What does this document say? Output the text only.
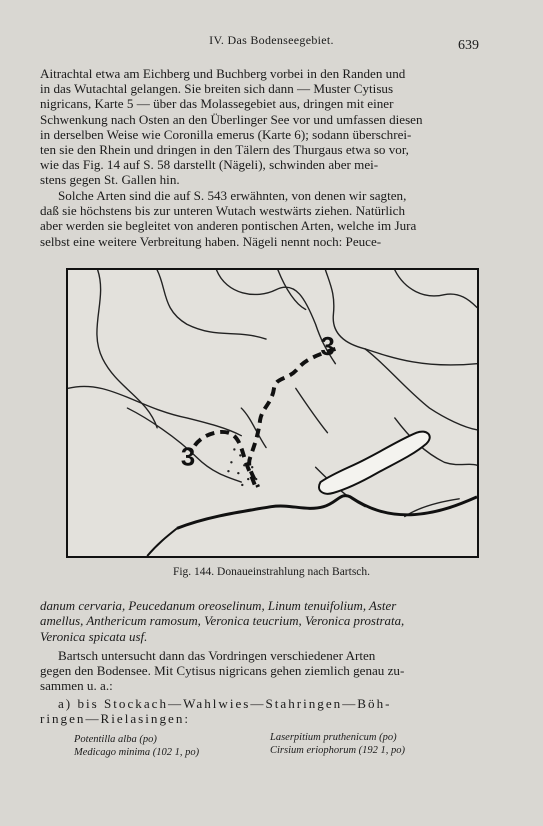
IV. Das Bodenseegebiet.	639

Aitrachtal etwa am Eichberg und Buchberg vorbei in den Randen und
in das Wutachtal gelangen. Sie breiten sich dann — Muster Cytisus
nigricans, Karte 5 — über das Molassegebiet aus, dringen mit einer
Schwenkung nach Osten an den Überlinger See vor und umfassen diesen
in derselben Weise wie Coronilla emerus (Karte 6); sodann überschrei-
ten sie den Rhein und dringen in den Tälern des Thurgaus etwa so vor,
wie das Fig. 14 auf S. 58 darstellt (Nägeli), schwinden aber mei-
stens gegen St. Gallen hin.

Solche Arten sind die auf S. 543 erwähnten, von denen wir sagten,
daß sie höchstens bis zur unteren Wutach westwärts ziehen. Natürlich
aber werden sie begleitet von anderen pontischen Arten, welche im Jura
selbst eine weitere Verbreitung haben. Nägeli nennt noch: Peuce-

3
3
Fig. 144. Donaueinstrahlung nach Bartsch.

danum cervaria, Peucedanum oreoselinum, Linum tenuifolium, Aster
amellus, Anthericum ramosum, Veronica teucrium, Veronica prostrata,
Veronica spicata usf.

Bartsch untersucht dann das Vordringen verschiedener Arten
gegen den Bodensee. Mit Cytisus nigricans gehen ziemlich genau zu-
sammen u. a.:

a) bis Stockach—Wahlwies—Stahringen—Böh-
ringen—Rielasingen:

Potentilla alba (po)
Medicago minima (102 1, po)
Laserpitium pruthenicum (po)
Cirsium eriophorum (192 1, po)
